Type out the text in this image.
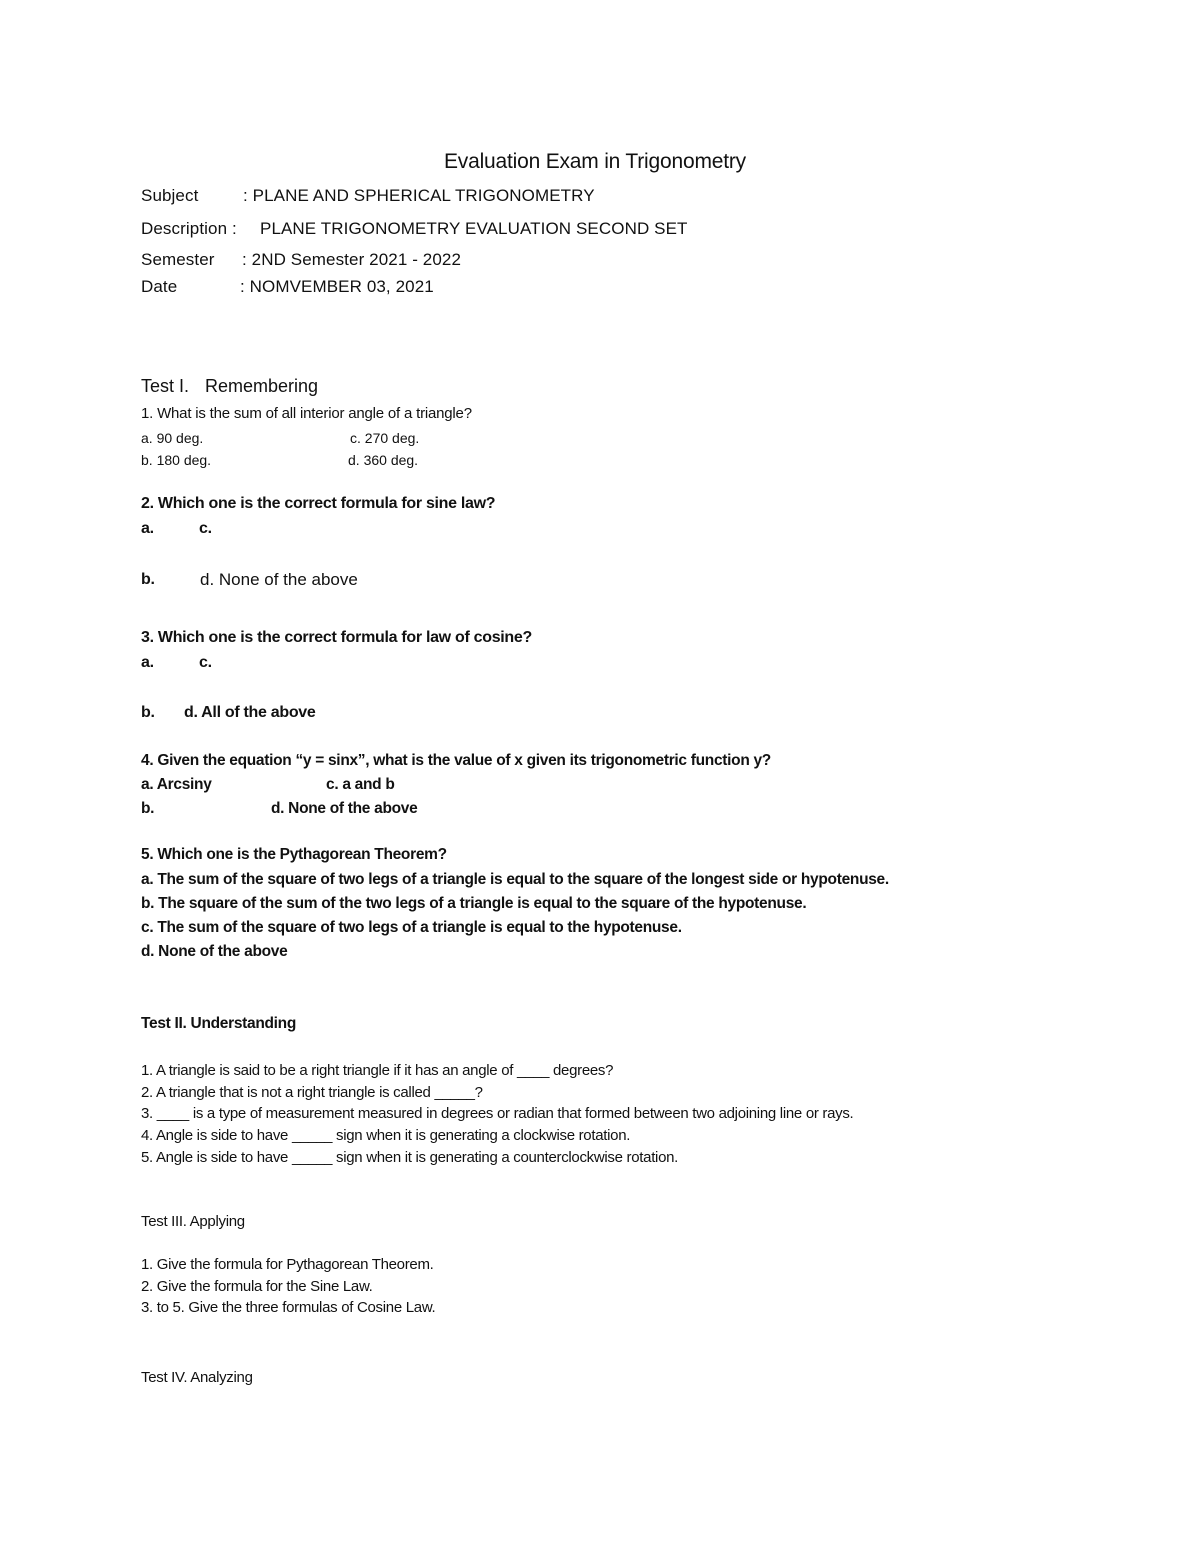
Evaluation Exam in Trigonometry
Subject	: PLANE AND SPHERICAL TRIGONOMETRY
Description : PLANE TRIGONOMETRY EVALUATION SECOND SET
Semester : 2ND Semester 2021 - 2022
Date	: NOMVEMBER 03, 2021
Test I. Remembering
1. What is the sum of all interior angle of a triangle?
a. 90 deg.	c. 270 deg.
b. 180 deg.	d. 360 deg.
2. Which one is the correct formula for sine law?
a.	c.
b.	d. None of the above
3. Which one is the correct formula for law of cosine?
a.	c.
b. d. All of the above
4. Given the equation “y = sinx”, what is the value of x given its trigonometric function y?
a. Arcsiny	c. a and b
b.	d. None of the above
5. Which one is the Pythagorean Theorem?
a. The sum of the square of two legs of a triangle is equal to the square of the longest side or hypotenuse.
b. The square of the sum of the two legs of a triangle is equal to the square of the hypotenuse.
c. The sum of the square of two legs of a triangle is equal to the hypotenuse.
d. None of the above
Test II. Understanding
1. A triangle is said to be a right triangle if it has an angle of ____ degrees?
2. A triangle that is not a right triangle is called _____?
3. ____ is a type of measurement measured in degrees or radian that formed between two adjoining line or rays.
4. Angle is side to have _____ sign when it is generating a clockwise rotation.
5. Angle is side to have _____ sign when it is generating a counterclockwise rotation.
Test III. Applying
1. Give the formula for Pythagorean Theorem.
2. Give the formula for the Sine Law.
3. to 5. Give the three formulas of Cosine Law.
Test IV. Analyzing
